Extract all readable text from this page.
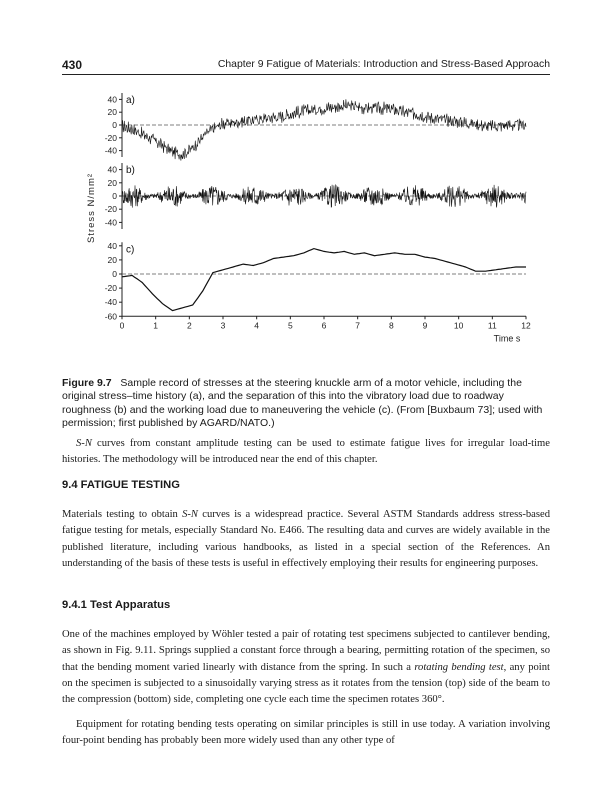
430	Chapter 9 Fatigue of Materials: Introduction and Stress-Based Approach
40
20
0
-20
-40
a)
40
20
0
-20
-40
b)
40
20
0
-20
-40
-60
c)
0	1	2	3	4	5	6	7	8	9	10	11	12
Time s
Stress N/mm²
Figure 9.7 Sample record of stresses at the steering knuckle arm of a motor vehicle, including the original stress–time history (a), and the separation of this into the vibratory load due to roadway roughness (b) and the working load due to maneuvering the vehicle (c). (From [Buxbaum 73]; used with permission; first published by AGARD/NATO.)

S-N curves from constant amplitude testing can be used to estimate fatigue lives for irregular load-time histories. The methodology will be introduced near the end of this chapter.

9.4 FATIGUE TESTING

Materials testing to obtain S-N curves is a widespread practice. Several ASTM Standards address stress-based fatigue testing for metals, especially Standard No. E466. The resulting data and curves are widely available in the published literature, including various handbooks, as listed in a special section of the References. An understanding of the basis of these tests is useful in effectively employing their results for engineering purposes.

9.4.1 Test Apparatus

One of the machines employed by Wöhler tested a pair of rotating test specimens subjected to cantilever bending, as shown in Fig. 9.11. Springs supplied a constant force through a bearing, permitting rotation of the specimen, so that the bending moment varied linearly with distance from the spring. In such a rotating bending test, any point on the specimen is subjected to a sinusoidally varying stress as it rotates from the tension (top) side of the beam to the compression (bottom) side, completing one cycle each time the specimen rotates 360°.

Equipment for rotating bending tests operating on similar principles is still in use today. A variation involving four-point bending has probably been more widely used than any other type of
